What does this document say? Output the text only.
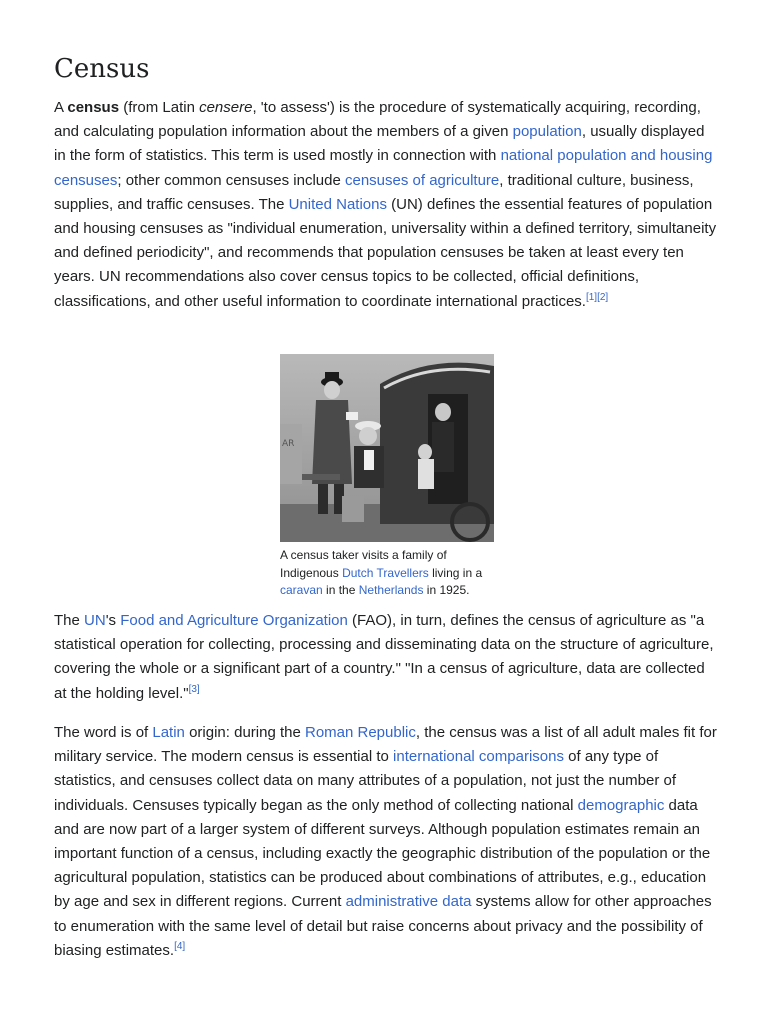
Census

A census (from Latin censere, 'to assess') is the procedure of systematically acquiring, recording, and calculating population information about the members of a given population, usually displayed in the form of statistics. This term is used mostly in connection with national population and housing censuses; other common censuses include censuses of agriculture, traditional culture, business, supplies, and traffic censuses. The United Nations (UN) defines the essential features of population and housing censuses as "individual enumeration, universality within a defined territory, simultaneity and defined periodicity", and recommends that population censuses be taken at least every ten years. UN recommendations also cover census topics to be collected, official definitions, classifications, and other useful information to coordinate international practices.[1][2]

AR
A census taker visits a family of Indigenous Dutch Travellers living in a caravan in the Netherlands in 1925.

The UN's Food and Agriculture Organization (FAO), in turn, defines the census of agriculture as "a statistical operation for collecting, processing and disseminating data on the structure of agriculture, covering the whole or a significant part of a country." "In a census of agriculture, data are collected at the holding level."[3]

The word is of Latin origin: during the Roman Republic, the census was a list of all adult males fit for military service. The modern census is essential to international comparisons of any type of statistics, and censuses collect data on many attributes of a population, not just the number of individuals. Censuses typically began as the only method of collecting national demographic data and are now part of a larger system of different surveys. Although population estimates remain an important function of a census, including exactly the geographic distribution of the population or the agricultural population, statistics can be produced about combinations of attributes, e.g., education by age and sex in different regions. Current administrative data systems allow for other approaches to enumeration with the same level of detail but raise concerns about privacy and the possibility of biasing estimates.[4]
